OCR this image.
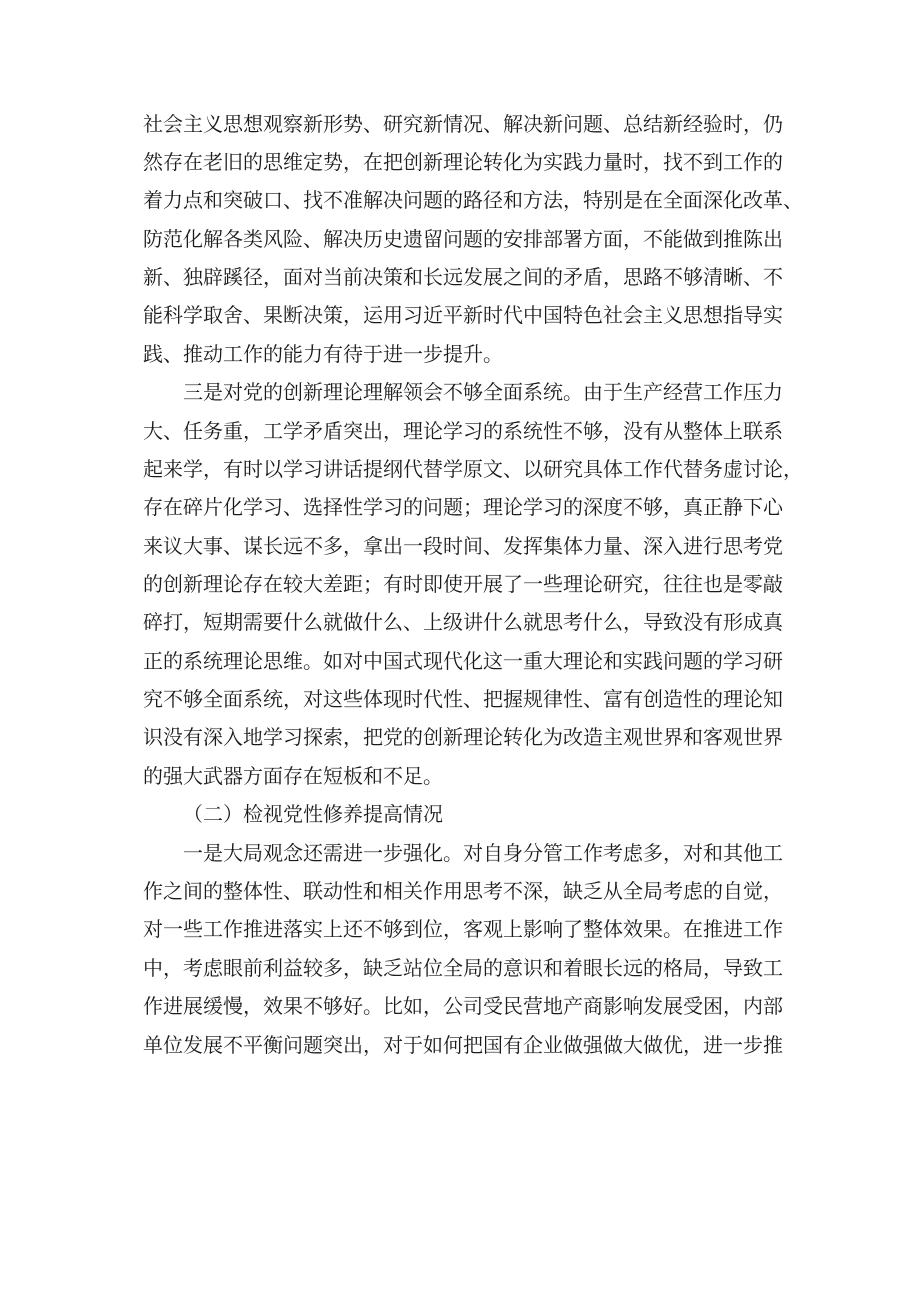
社会主义思想观察新形势、研究新情况、解决新问题、总结新经验时，仍
然存在老旧的思维定势，在把创新理论转化为实践力量时，找不到工作的
着力点和突破口、找不准解决问题的路径和方法，特别是在全面深化改革、
防范化解各类风险、解决历史遗留问题的安排部署方面，不能做到推陈出
新、独辟蹊径，面对当前决策和长远发展之间的矛盾，思路不够清晰、不
能科学取舍、果断决策，运用习近平新时代中国特色社会主义思想指导实
践、推动工作的能力有待于进一步提升。
三是对党的创新理论理解领会不够全面系统。由于生产经营工作压力
大、任务重，工学矛盾突出，理论学习的系统性不够，没有从整体上联系
起来学，有时以学习讲话提纲代替学原文、以研究具体工作代替务虚讨论，
存在碎片化学习、选择性学习的问题；理论学习的深度不够，真正静下心
来议大事、谋长远不多，拿出一段时间、发挥集体力量、深入进行思考党
的创新理论存在较大差距；有时即使开展了一些理论研究，往往也是零敲
碎打，短期需要什么就做什么、上级讲什么就思考什么，导致没有形成真
正的系统理论思维。如对中国式现代化这一重大理论和实践问题的学习研
究不够全面系统，对这些体现时代性、把握规律性、富有创造性的理论知
识没有深入地学习探索，把党的创新理论转化为改造主观世界和客观世界
的强大武器方面存在短板和不足。
（二）检视党性修养提高情况
一是大局观念还需进一步强化。对自身分管工作考虑多，对和其他工
作之间的整体性、联动性和相关作用思考不深，缺乏从全局考虑的自觉，
对一些工作推进落实上还不够到位，客观上影响了整体效果。在推进工作
中，考虑眼前利益较多，缺乏站位全局的意识和着眼长远的格局，导致工
作进展缓慢，效果不够好。比如，公司受民营地产商影响发展受困，内部
单位发展不平衡问题突出，对于如何把国有企业做强做大做优，进一步推
